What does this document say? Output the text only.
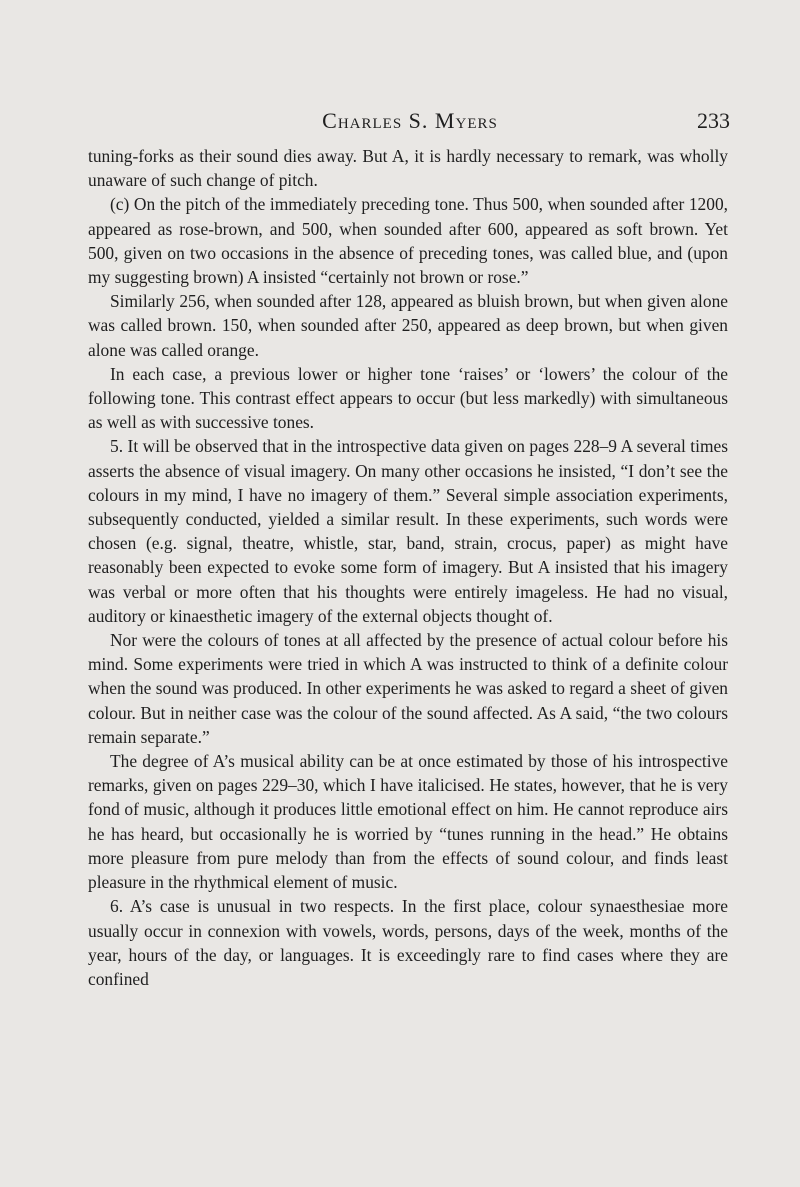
Charles S. Myers	233

tuning-forks as their sound dies away. But A, it is hardly necessary to remark, was wholly unaware of such change of pitch.

(c) On the pitch of the immediately preceding tone. Thus 500, when sounded after 1200, appeared as rose-brown, and 500, when sounded after 600, appeared as soft brown. Yet 500, given on two occasions in the absence of preceding tones, was called blue, and (upon my suggesting brown) A insisted “certainly not brown or rose.”

Similarly 256, when sounded after 128, appeared as bluish brown, but when given alone was called brown. 150, when sounded after 250, appeared as deep brown, but when given alone was called orange.

In each case, a previous lower or higher tone ‘raises’ or ‘lowers’ the colour of the following tone. This contrast effect appears to occur (but less markedly) with simultaneous as well as with successive tones.

5. It will be observed that in the introspective data given on pages 228–9 A several times asserts the absence of visual imagery. On many other occasions he insisted, “I don’t see the colours in my mind, I have no imagery of them.” Several simple association experiments, subsequently conducted, yielded a similar result. In these experiments, such words were chosen (e.g. signal, theatre, whistle, star, band, strain, crocus, paper) as might have reasonably been expected to evoke some form of imagery. But A insisted that his imagery was verbal or more often that his thoughts were entirely imageless. He had no visual, auditory or kinaesthetic imagery of the external objects thought of.

Nor were the colours of tones at all affected by the presence of actual colour before his mind. Some experiments were tried in which A was instructed to think of a definite colour when the sound was produced. In other experiments he was asked to regard a sheet of given colour. But in neither case was the colour of the sound affected. As A said, “the two colours remain separate.”

The degree of A’s musical ability can be at once estimated by those of his introspective remarks, given on pages 229–30, which I have italicised. He states, however, that he is very fond of music, although it produces little emotional effect on him. He cannot reproduce airs he has heard, but occasionally he is worried by “tunes running in the head.” He obtains more pleasure from pure melody than from the effects of sound colour, and finds least pleasure in the rhythmical element of music.

6. A’s case is unusual in two respects. In the first place, colour synaesthesiae more usually occur in connexion with vowels, words, persons, days of the week, months of the year, hours of the day, or languages. It is exceedingly rare to find cases where they are confined
